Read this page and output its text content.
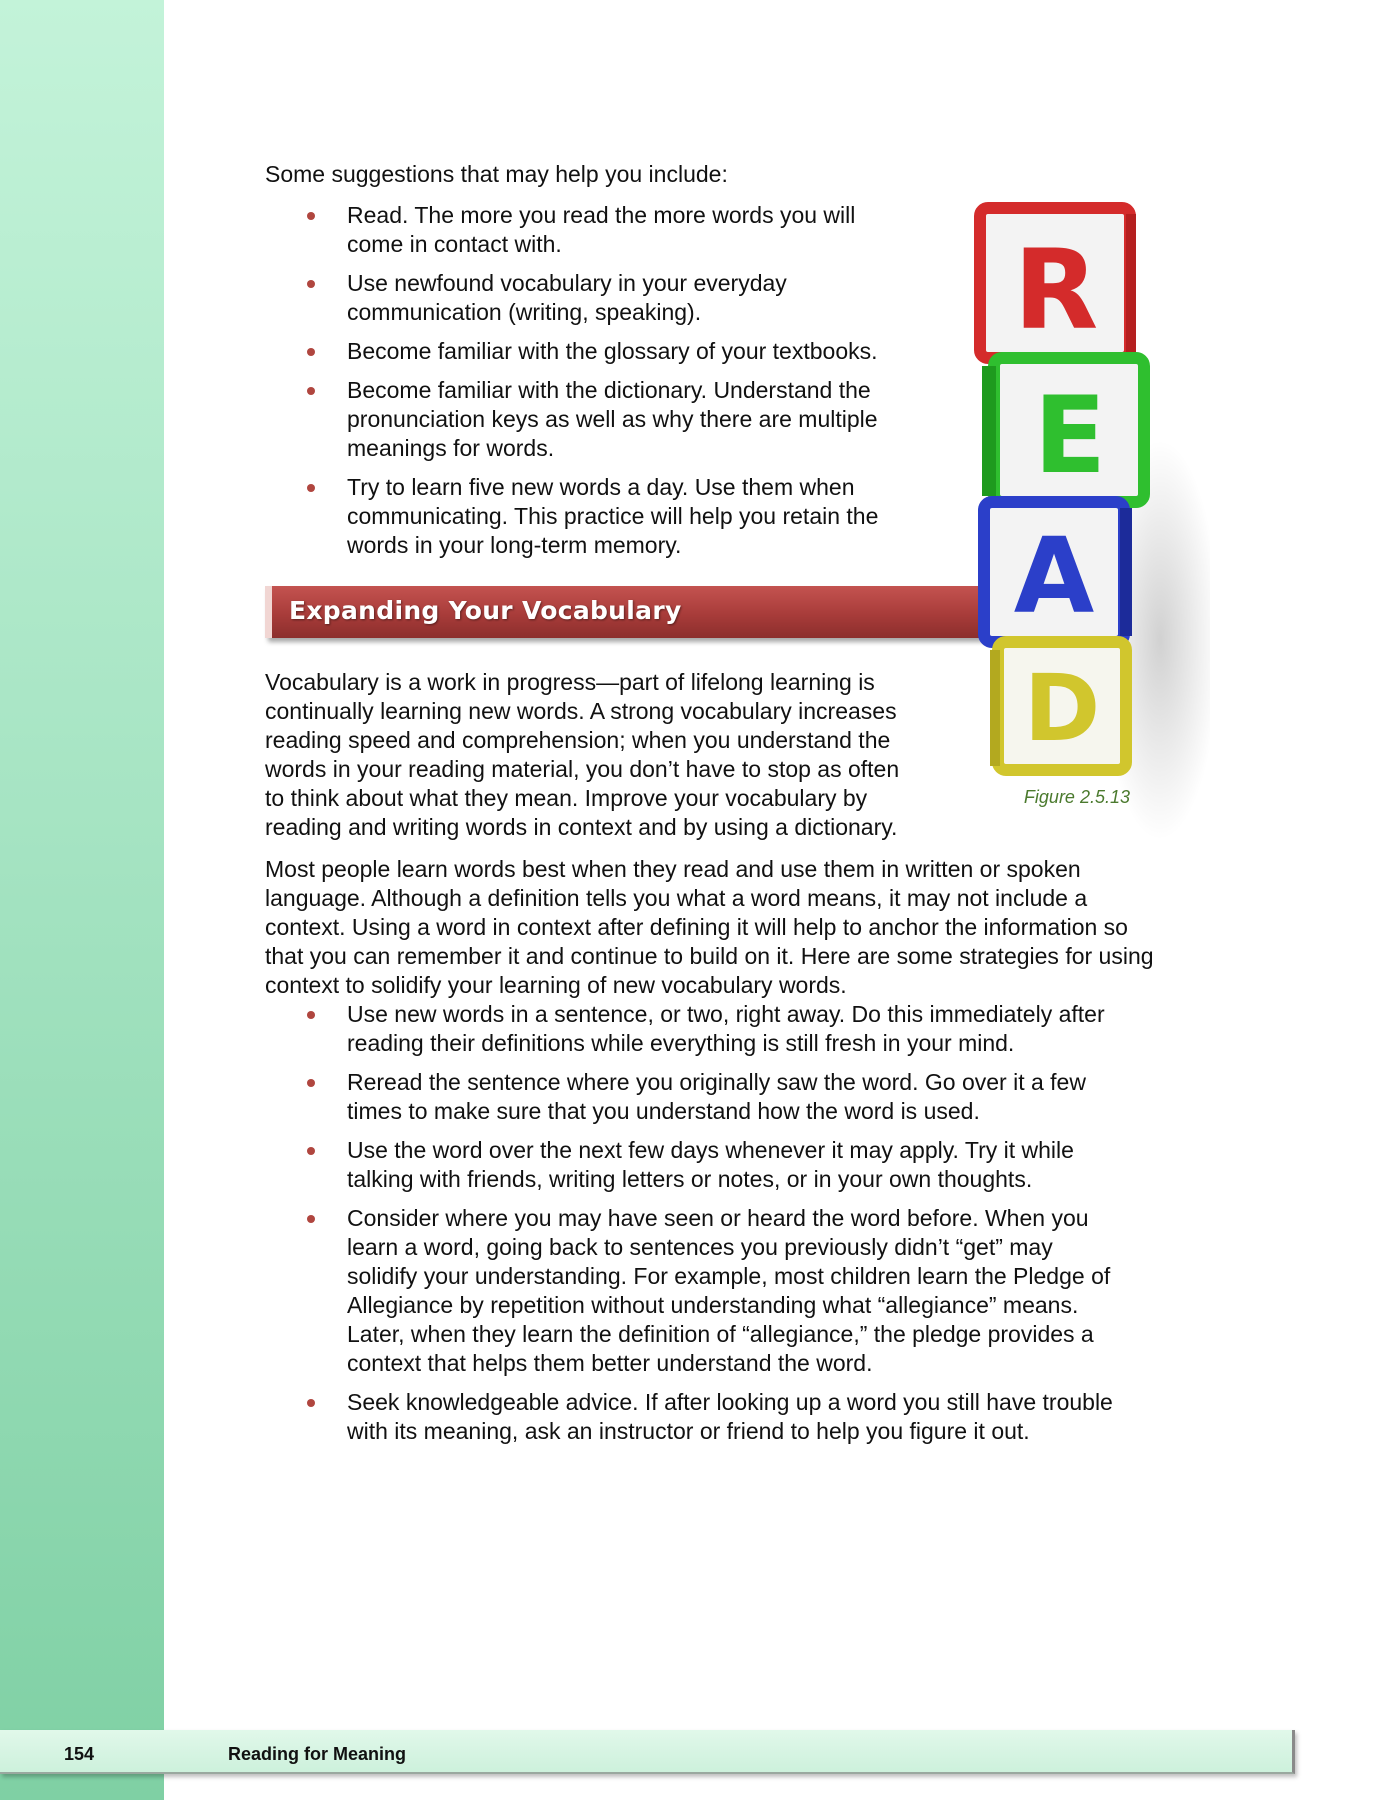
Some suggestions that may help you include:

Read. The more you read the more words you will come in contact with.
Use newfound vocabulary in your everyday communication (writing, speaking).
Become familiar with the glossary of your textbooks.
Become familiar with the dictionary. Understand the pronunciation keys as well as why there are multiple meanings for words.
Try to learn five new words a day. Use them when communicating. This practice will help you retain the words in your long-term memory.
Expanding Your Vocabulary

Vocabulary is a work in progress—part of lifelong learning is continually learning new words. A strong vocabulary increases reading speed and comprehension; when you understand the words in your reading material, you don’t have to stop as often to think about what they mean. Improve your vocabulary by reading and writing words in context and by using a dictionary.

Most people learn words best when they read and use them in written or spoken language. Although a definition tells you what a word means, it may not include a context. Using a word in context after defining it will help to anchor the information so that you can remember it and continue to build on it. Here are some strategies for using context to solidify your learning of new vocabulary words.

Use new words in a sentence, or two, right away. Do this immediately after reading their definitions while everything is still fresh in your mind.
Reread the sentence where you originally saw the word. Go over it a few times to make sure that you understand how the word is used.
Use the word over the next few days whenever it may apply. Try it while talking with friends, writing letters or notes, or in your own thoughts.
Consider where you may have seen or heard the word before. When you learn a word, going back to sentences you previously didn’t “get” may solidify your understanding. For example, most children learn the Pledge of Allegiance by repetition without understanding what “allegiance” means. Later, when they learn the definition of “allegiance,” the pledge provides a context that helps them better understand the word.
Seek knowledgeable advice. If after looking up a word you still have trouble with its meaning, ask an instructor or friend to help you figure it out.
R
E
A
D
Figure 2.5.13
154	Reading for Meaning
